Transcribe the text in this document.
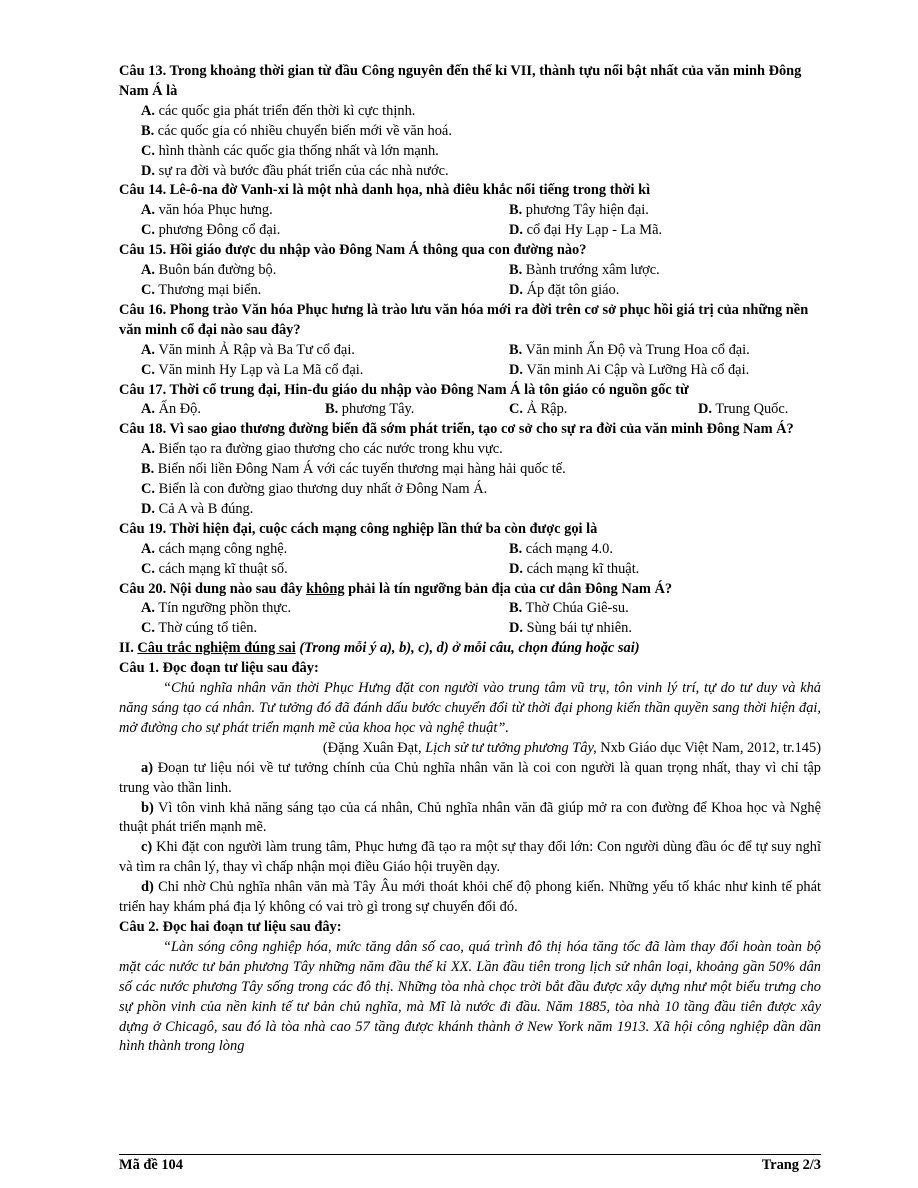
Câu 13. Trong khoảng thời gian từ đầu Công nguyên đến thế kỉ VII, thành tựu nổi bật nhất của văn minh Đông Nam Á là
A. các quốc gia phát triển đến thời kì cực thịnh.
B. các quốc gia có nhiều chuyển biến mới về văn hoá.
C. hình thành các quốc gia thống nhất và lớn mạnh.
D. sự ra đời và bước đầu phát triển của các nhà nước.
Câu 14. Lê-ô-na đờ Vanh-xi là một nhà danh họa, nhà điêu khắc nổi tiếng trong thời kì
A. văn hóa Phục hưng.	B. phương Tây hiện đại.
C. phương Đông cổ đại.	D. cổ đại Hy Lạp - La Mã.
Câu 15. Hồi giáo được du nhập vào Đông Nam Á thông qua con đường nào?
A. Buôn bán đường bộ.	B. Bành trướng xâm lược.
C. Thương mại biển.	D. Áp đặt tôn giáo.
Câu 16. Phong trào Văn hóa Phục hưng là trào lưu văn hóa mới ra đời trên cơ sở phục hồi giá trị của những nền văn minh cổ đại nào sau đây?
A. Văn minh Ả Rập và Ba Tư cổ đại.	B. Văn minh Ấn Độ và Trung Hoa cổ đại.
C. Văn minh Hy Lạp và La Mã cổ đại.	D. Văn minh Ai Cập và Lưỡng Hà cổ đại.
Câu 17. Thời cổ trung đại, Hin-đu giáo du nhập vào Đông Nam Á là tôn giáo có nguồn gốc từ
A. Ấn Độ.	B. phương Tây.	C. Ả Rập.	D. Trung Quốc.
Câu 18. Vì sao giao thương đường biển đã sớm phát triển, tạo cơ sở cho sự ra đời của văn minh Đông Nam Á?
A. Biển tạo ra đường giao thương cho các nước trong khu vực.
B. Biển nối liền Đông Nam Á với các tuyến thương mại hàng hải quốc tế.
C. Biển là con đường giao thương duy nhất ở Đông Nam Á.
D. Cả A và B đúng.
Câu 19. Thời hiện đại, cuộc cách mạng công nghiệp lần thứ ba còn được gọi là
A. cách mạng công nghệ.	B. cách mạng 4.0.
C. cách mạng kĩ thuật số.	D. cách mạng kĩ thuật.
Câu 20. Nội dung nào sau đây không phải là tín ngưỡng bản địa của cư dân Đông Nam Á?
A. Tín ngưỡng phồn thực.	B. Thờ Chúa Giê-su.
C. Thờ cúng tổ tiên.	D. Sùng bái tự nhiên.
II. Câu trắc nghiệm đúng sai (Trong mỗi ý a), b), c), d) ở mỗi câu, chọn đúng hoặc sai)
Câu 1. Đọc đoạn tư liệu sau đây:
“Chủ nghĩa nhân văn thời Phục Hưng đặt con người vào trung tâm vũ trụ, tôn vinh lý trí, tự do tư duy và khả năng sáng tạo cá nhân. Tư tưởng đó đã đánh dấu bước chuyển đổi từ thời đại phong kiến thần quyền sang thời hiện đại, mở đường cho sự phát triển mạnh mẽ của khoa học và nghệ thuật”.
(Đặng Xuân Đạt, Lịch sử tư tưởng phương Tây, Nxb Giáo dục Việt Nam, 2012, tr.145)
a) Đoạn tư liệu nói về tư tưởng chính của Chủ nghĩa nhân văn là coi con người là quan trọng nhất, thay vì chỉ tập trung vào thần linh.
b) Vì tôn vinh khả năng sáng tạo của cá nhân, Chủ nghĩa nhân văn đã giúp mở ra con đường để Khoa học và Nghệ thuật phát triển mạnh mẽ.
c) Khi đặt con người làm trung tâm, Phục hưng đã tạo ra một sự thay đổi lớn: Con người dùng đầu óc để tự suy nghĩ và tìm ra chân lý, thay vì chấp nhận mọi điều Giáo hội truyền dạy.
d) Chỉ nhờ Chủ nghĩa nhân văn mà Tây Âu mới thoát khỏi chế độ phong kiến. Những yếu tố khác như kinh tế phát triển hay khám phá địa lý không có vai trò gì trong sự chuyển đổi đó.
Câu 2. Đọc hai đoạn tư liệu sau đây:
“Làn sóng công nghiệp hóa, mức tăng dân số cao, quá trình đô thị hóa tăng tốc đã làm thay đổi hoàn toàn bộ mặt các nước tư bản phương Tây những năm đầu thế kỉ XX. Lần đầu tiên trong lịch sử nhân loại, khoảng gần 50% dân số các nước phương Tây sống trong các đô thị. Những tòa nhà chọc trời bắt đầu được xây dựng như một biểu trưng cho sự phồn vinh của nền kinh tế tư bản chủ nghĩa, mà Mĩ là nước đi đầu. Năm 1885, tòa nhà 10 tầng đầu tiên được xây dựng ở Chicagô, sau đó là tòa nhà cao 57 tầng được khánh thành ở New York năm 1913. Xã hội công nghiệp dần dần hình thành trong lòng
Mã đề 104	Trang 2/3
